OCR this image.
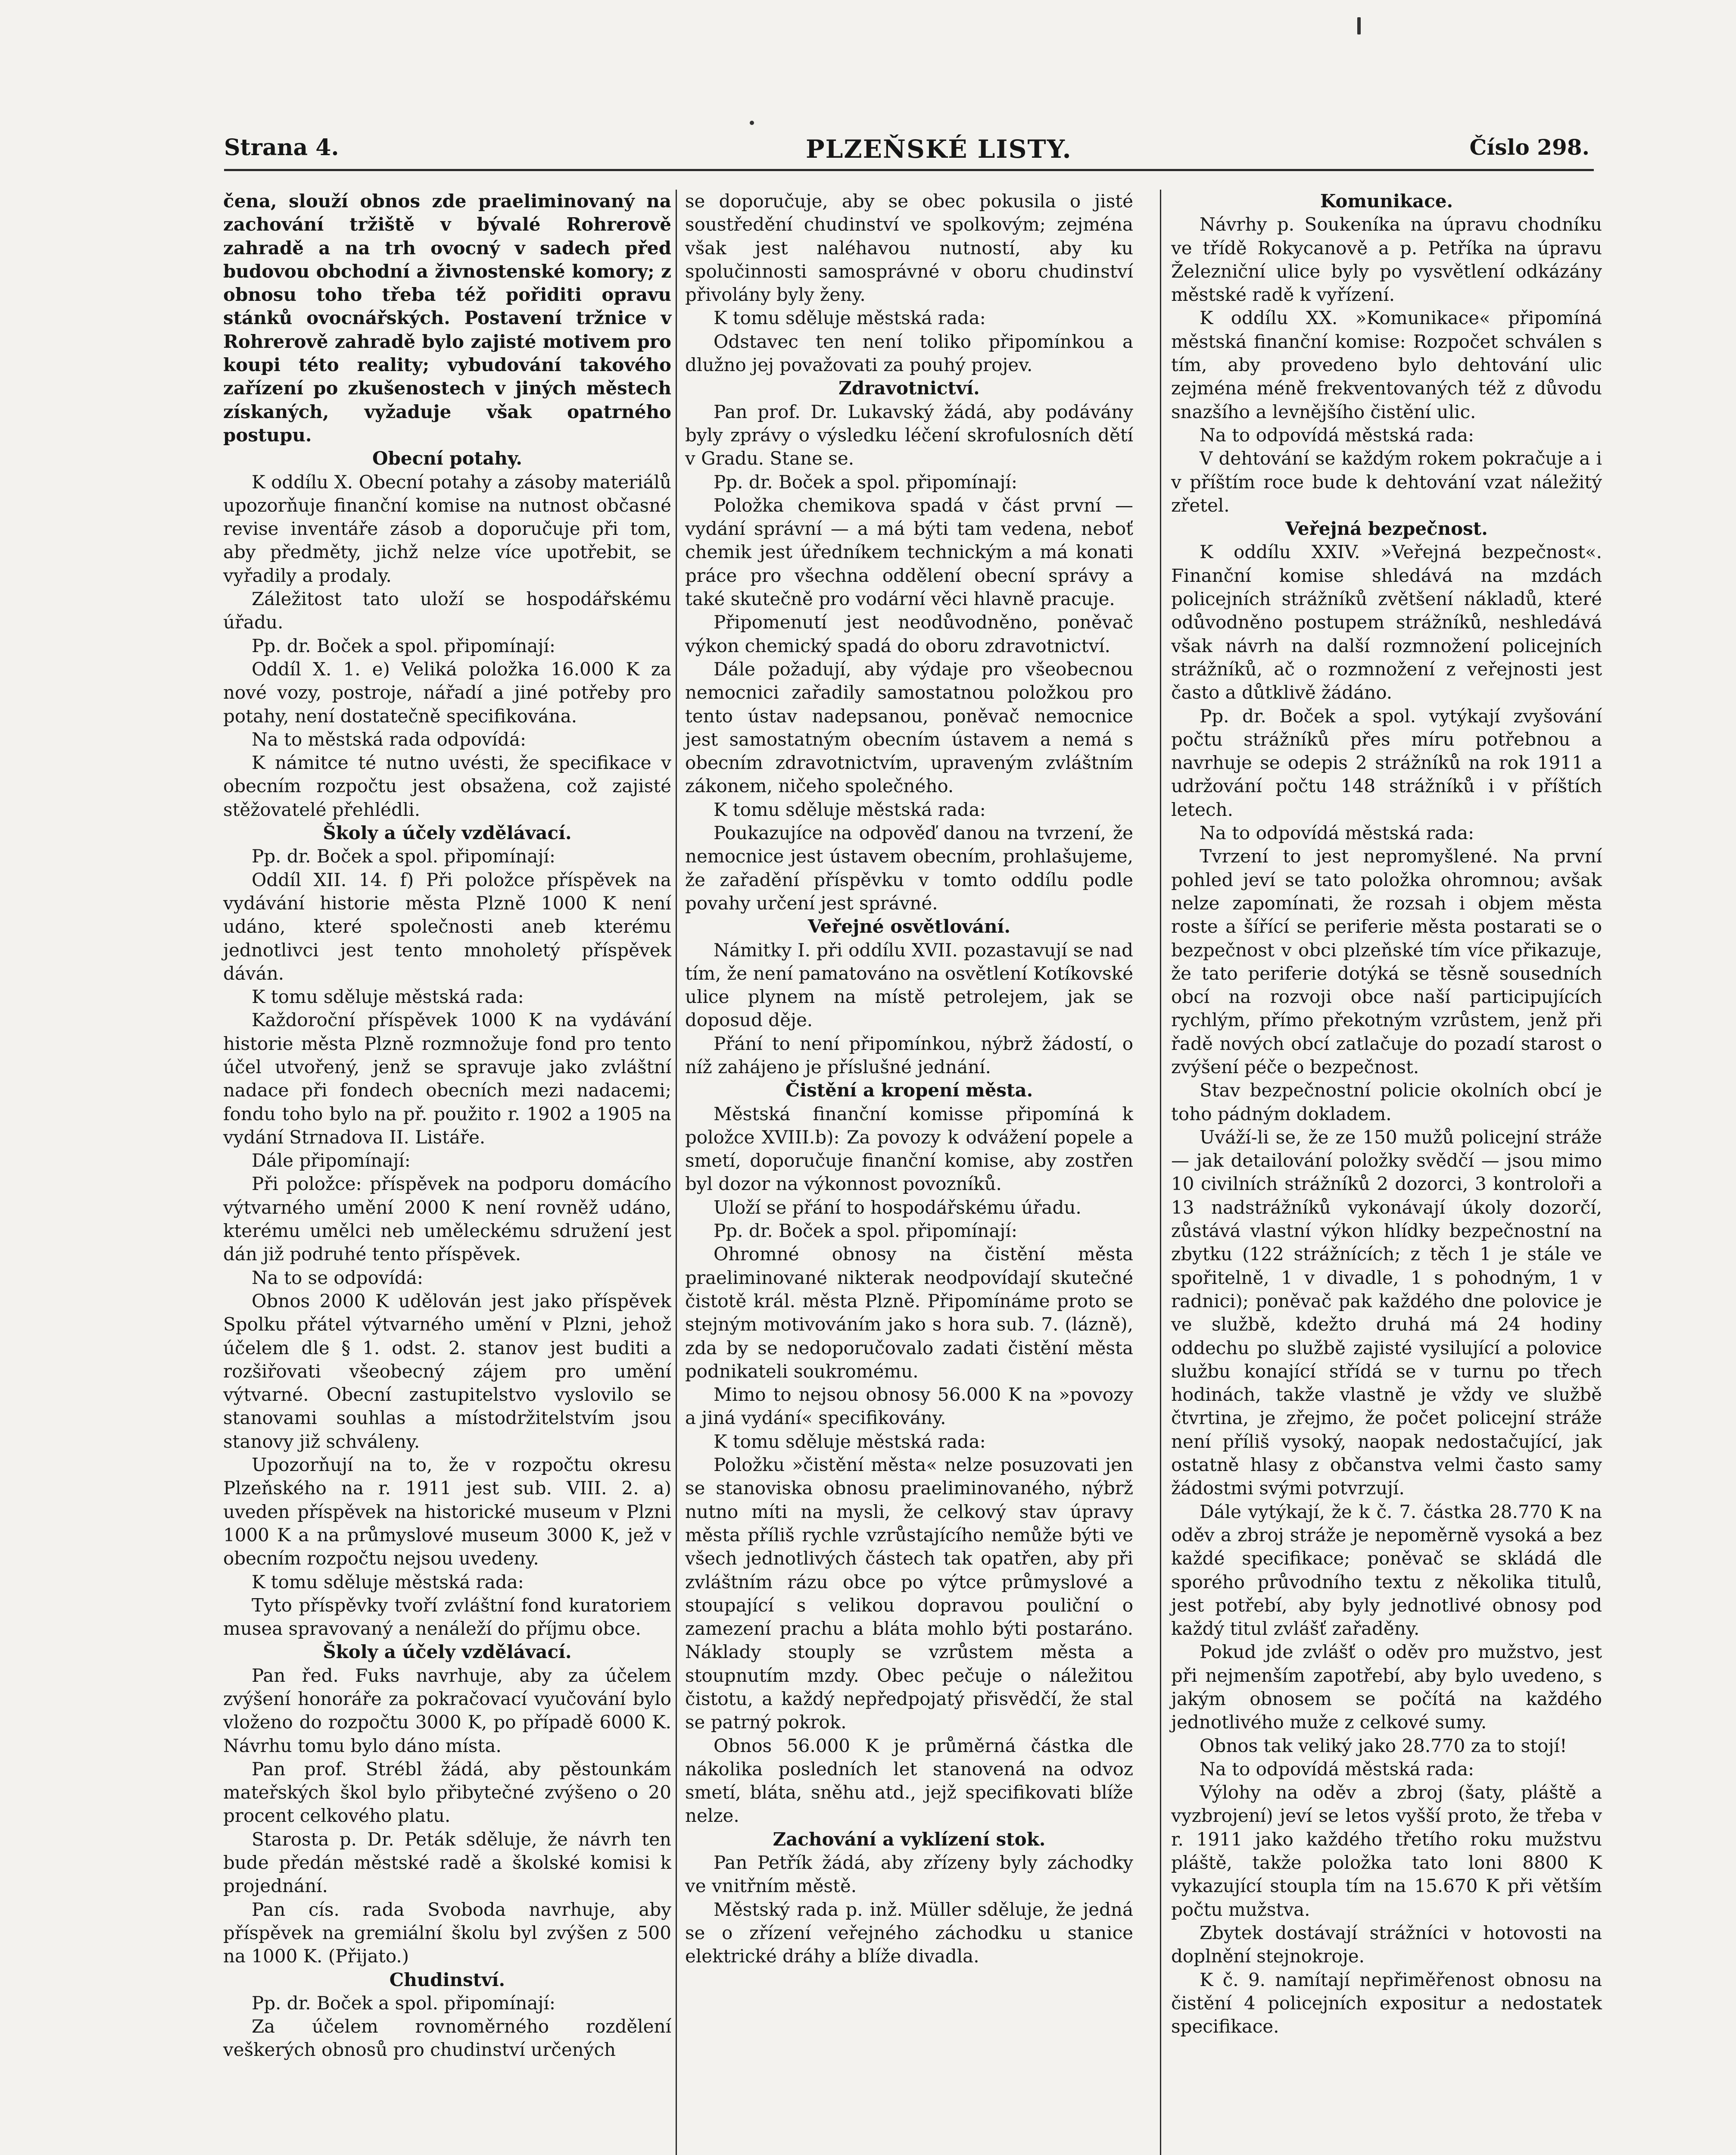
Strana 4.	PLZEŇSKÉ LISTY.	Číslo 298.

čena, slouží obnos zde praeliminovaný na zachování tržiště v bývalé Rohrerově zahradě a na trh ovocný v sadech před budovou obchodní a živnostenské komory; z obnosu toho třeba též pořiditi opravu stánků ovocnářských. Postavení tržnice v Rohrerově zahradě bylo zajisté motivem pro koupi této reality; vybudování takového zařízení po zkušenostech v jiných městech získaných, vyžaduje však opatrného postupu.

Obecní potahy.

K oddílu X. Obecní potahy a zásoby materiálů upozorňuje finanční komise na nutnost občasné revise inventáře zásob a doporučuje při tom, aby předměty, jichž nelze více upotřebit, se vyřadily a prodaly.

Záležitost tato uloží se hospodářskému úřadu.

Pp. dr. Boček a spol. připomínají:

Oddíl X. 1. e) Veliká položka 16.000 K za nové vozy, postroje, nářadí a jiné potřeby pro potahy, není dostatečně specifikována.

Na to městská rada odpovídá:

K námitce té nutno uvésti, že specifikace v obecním rozpočtu jest obsažena, což zajisté stěžovatelé přehlédli.

Školy a účely vzdělávací.

Pp. dr. Boček a spol. připomínají:

Oddíl XII. 14. f) Při položce příspěvek na vydávání historie města Plzně 1000 K není udáno, které společnosti aneb kterému jednotlivci jest tento mnoholetý příspěvek dáván.

K tomu sděluje městská rada:

Každoroční příspěvek 1000 K na vydávání historie města Plzně rozmnožuje fond pro tento účel utvořený, jenž se spravuje jako zvláštní nadace při fondech obecních mezi nadacemi; fondu toho bylo na př. použito r. 1902 a 1905 na vydání Strnadova II. Listáře.

Dále připomínají:

Při položce: příspěvek na podporu domácího výtvarného umění 2000 K není rovněž udáno, kterému umělci neb uměleckému sdružení jest dán již podruhé tento příspěvek.

Na to se odpovídá:

Obnos 2000 K udělován jest jako příspěvek Spolku přátel výtvarného umění v Plzni, jehož účelem dle § 1. odst. 2. stanov jest buditi a rozšiřovati všeobecný zájem pro umění výtvarné. Obecní zastupitelstvo vyslovilo se stanovami souhlas a místodržitelstvím jsou stanovy již schváleny.

Upozorňují na to, že v rozpočtu okresu Plzeňského na r. 1911 jest sub. VIII. 2. a) uveden příspěvek na historické museum v Plzni 1000 K a na průmyslové museum 3000 K, jež v obecním rozpočtu nejsou uvedeny.

K tomu sděluje městská rada:

Tyto příspěvky tvoří zvláštní fond kuratoriem musea spravovaný a nenáleží do příjmu obce.

Školy a účely vzdělávací.

Pan řed. Fuks navrhuje, aby za účelem zvýšení honoráře za pokračovací vyučování bylo vloženo do rozpočtu 3000 K, po případě 6000 K. Návrhu tomu bylo dáno místa.

Pan prof. Strébl žádá, aby pěstounkám mateřských škol bylo přibytečné zvýšeno o 20 procent celkového platu.

Starosta p. Dr. Peták sděluje, že návrh ten bude předán městské radě a školské komisi k projednání.

Pan cís. rada Svoboda navrhuje, aby příspěvek na gremiální školu byl zvýšen z 500 na 1000 K. (Přijato.)

Chudinství.

Pp. dr. Boček a spol. připomínají:

Za účelem rovnoměrného rozdělení veškerých obnosů pro chudinství určených

se doporučuje, aby se obec pokusila o jisté soustředění chudinství ve spolkovým; zejména však jest naléhavou nutností, aby ku spolučinnosti samosprávné v oboru chudinství přivolány byly ženy.

K tomu sděluje městská rada:

Odstavec ten není toliko připomínkou a dlužno jej považovati za pouhý projev.

Zdravotnictví.

Pan prof. Dr. Lukavský žádá, aby podávány byly zprávy o výsledku léčení skrofulosních dětí v Gradu. Stane se.

Pp. dr. Boček a spol. připomínají:

Položka chemikova spadá v část první — vydání správní — a má býti tam vedena, neboť chemik jest úředníkem technickým a má konati práce pro všechna oddělení obecní správy a také skutečně pro vodární věci hlavně pracuje.

Připomenutí jest neodůvodněno, poněvač výkon chemický spadá do oboru zdravotnictví.

Dále požadují, aby výdaje pro všeobecnou nemocnici zařadily samostatnou položkou pro tento ústav nadepsanou, poněvač nemocnice jest samostatným obecním ústavem a nemá s obecním zdravotnictvím, upraveným zvláštním zákonem, ničeho společného.

K tomu sděluje městská rada:

Poukazujíce na odpověď danou na tvrzení, že nemocnice jest ústavem obecním, prohlašujeme, že zařadění příspěvku v tomto oddílu podle povahy určení jest správné.

Veřejné osvětlování.

Námitky I. při oddílu XVII. pozastavují se nad tím, že není pamatováno na osvětlení Kotíkovské ulice plynem na místě petrolejem, jak se doposud děje.

Přání to není připomínkou, nýbrž žádostí, o níž zahájeno je příslušné jednání.

Čistění a kropení města.

Městská finanční komisse připomíná k položce XVIII.b): Za povozy k odvážení popele a smetí, doporučuje finanční komise, aby zostřen byl dozor na výkonnost povozníků.

Uloží se přání to hospodářskému úřadu.

Pp. dr. Boček a spol. připomínají:

Ohromné obnosy na čistění města praeliminované nikterak neodpovídají skutečné čistotě král. města Plzně. Připomínáme proto se stejným motivováním jako s hora sub. 7. (lázně), zda by se nedoporučovalo zadati čistění města podnikateli soukromému.

Mimo to nejsou obnosy 56.000 K na »povozy a jiná vydání« specifikovány.

K tomu sděluje městská rada:

Položku »čistění města« nelze posuzovati jen se stanoviska obnosu praeliminovaného, nýbrž nutno míti na mysli, že celkový stav úpravy města příliš rychle vzrůstajícího nemůže býti ve všech jednotlivých částech tak opatřen, aby při zvláštním rázu obce po výtce průmyslové a stoupající s velikou dopravou pouliční o zamezení prachu a bláta mohlo býti postaráno. Náklady stouply se vzrůstem města a stoupnutím mzdy. Obec pečuje o náležitou čistotu, a každý nepředpojatý přisvědčí, že stal se patrný pokrok.

Obnos 56.000 K je průměrná částka dle nákolika posledních let stanovená na odvoz smetí, bláta, sněhu atd., jejž specifikovati blíže nelze.

Zachování a vyklízení stok.

Pan Petřík žádá, aby zřízeny byly záchodky ve vnitřním městě.

Městský rada p. inž. Müller sděluje, že jedná se o zřízení veřejného záchodku u stanice elektrické dráhy a blíže divadla.

Komunikace.

Návrhy p. Soukeníka na úpravu chodníku ve třídě Rokycanově a p. Petříka na úpravu Železniční ulice byly po vysvětlení odkázány městské radě k vyřízení.

K oddílu XX. »Komunikace« připomíná městská finanční komise: Rozpočet schválen s tím, aby provedeno bylo dehtování ulic zejména méně frekventovaných též z důvodu snazšího a levnějšího čistění ulic.

Na to odpovídá městská rada:

V dehtování se každým rokem pokračuje a i v příštím roce bude k dehtování vzat náležitý zřetel.

Veřejná bezpečnost.

K oddílu XXIV. »Veřejná bezpečnost«. Finanční komise shledává na mzdách policejních strážníků zvětšení nákladů, které odůvodněno postupem strážníků, neshledává však návrh na další rozmnožení policejních strážníků, ač o rozmnožení z veřejnosti jest často a důtklivě žádáno.

Pp. dr. Boček a spol. vytýkají zvyšování počtu strážníků přes míru potřebnou a navrhuje se odepis 2 strážníků na rok 1911 a udržování počtu 148 strážníků i v příštích letech.

Na to odpovídá městská rada:

Tvrzení to jest nepromyšlené. Na první pohled jeví se tato položka ohromnou; avšak nelze zapomínati, že rozsah i objem města roste a šířící se periferie města postarati se o bezpečnost v obci plzeňské tím více přikazuje, že tato periferie dotýká se těsně sousedních obcí na rozvoji obce naší participujících rychlým, přímo překotným vzrůstem, jenž při řadě nových obcí zatlačuje do pozadí starost o zvýšení péče o bezpečnost.

Stav bezpečnostní policie okolních obcí je toho pádným dokladem.

Uváží-li se, že ze 150 mužů policejní stráže — jak detailování položky svědčí — jsou mimo 10 civilních strážníků 2 dozorci, 3 kontroloři a 13 nadstrážníků vykonávají úkoly dozorčí, zůstává vlastní výkon hlídky bezpečnostní na zbytku (122 strážnících; z těch 1 je stále ve spořitelně, 1 v divadle, 1 s pohodným, 1 v radnici); poněvač pak každého dne polovice je ve službě, kdežto druhá má 24 hodiny oddechu po službě zajisté vysilující a polovice službu konající střídá se v turnu po třech hodinách, takže vlastně je vždy ve službě čtvrtina, je zřejmo, že počet policejní stráže není příliš vysoký, naopak nedostačující, jak ostatně hlasy z občanstva velmi často samy žádostmi svými potvrzují.

Dále vytýkají, že k č. 7. částka 28.770 K na oděv a zbroj stráže je nepoměrně vysoká a bez každé specifikace; poněvač se skládá dle sporého průvodního textu z několika titulů, jest potřebí, aby byly jednotlivé obnosy pod každý titul zvlášť zařaděny.

Pokud jde zvlášť o oděv pro mužstvo, jest při nejmenším zapotřebí, aby bylo uvedeno, s jakým obnosem se počítá na každého jednotlivého muže z celkové sumy.

Obnos tak veliký jako 28.770 za to stojí!

Na to odpovídá městská rada:

Výlohy na oděv a zbroj (šaty, pláště a vyzbrojení) jeví se letos vyšší proto, že třeba v r. 1911 jako každého třetího roku mužstvu pláště, takže položka tato loni 8800 K vykazující stoupla tím na 15.670 K při větším počtu mužstva.

Zbytek dostávají strážníci v hotovosti na doplnění stejnokroje.

K č. 9. namítají nepřiměřenost obnosu na čistění 4 policejních expositur a nedostatek specifikace.
